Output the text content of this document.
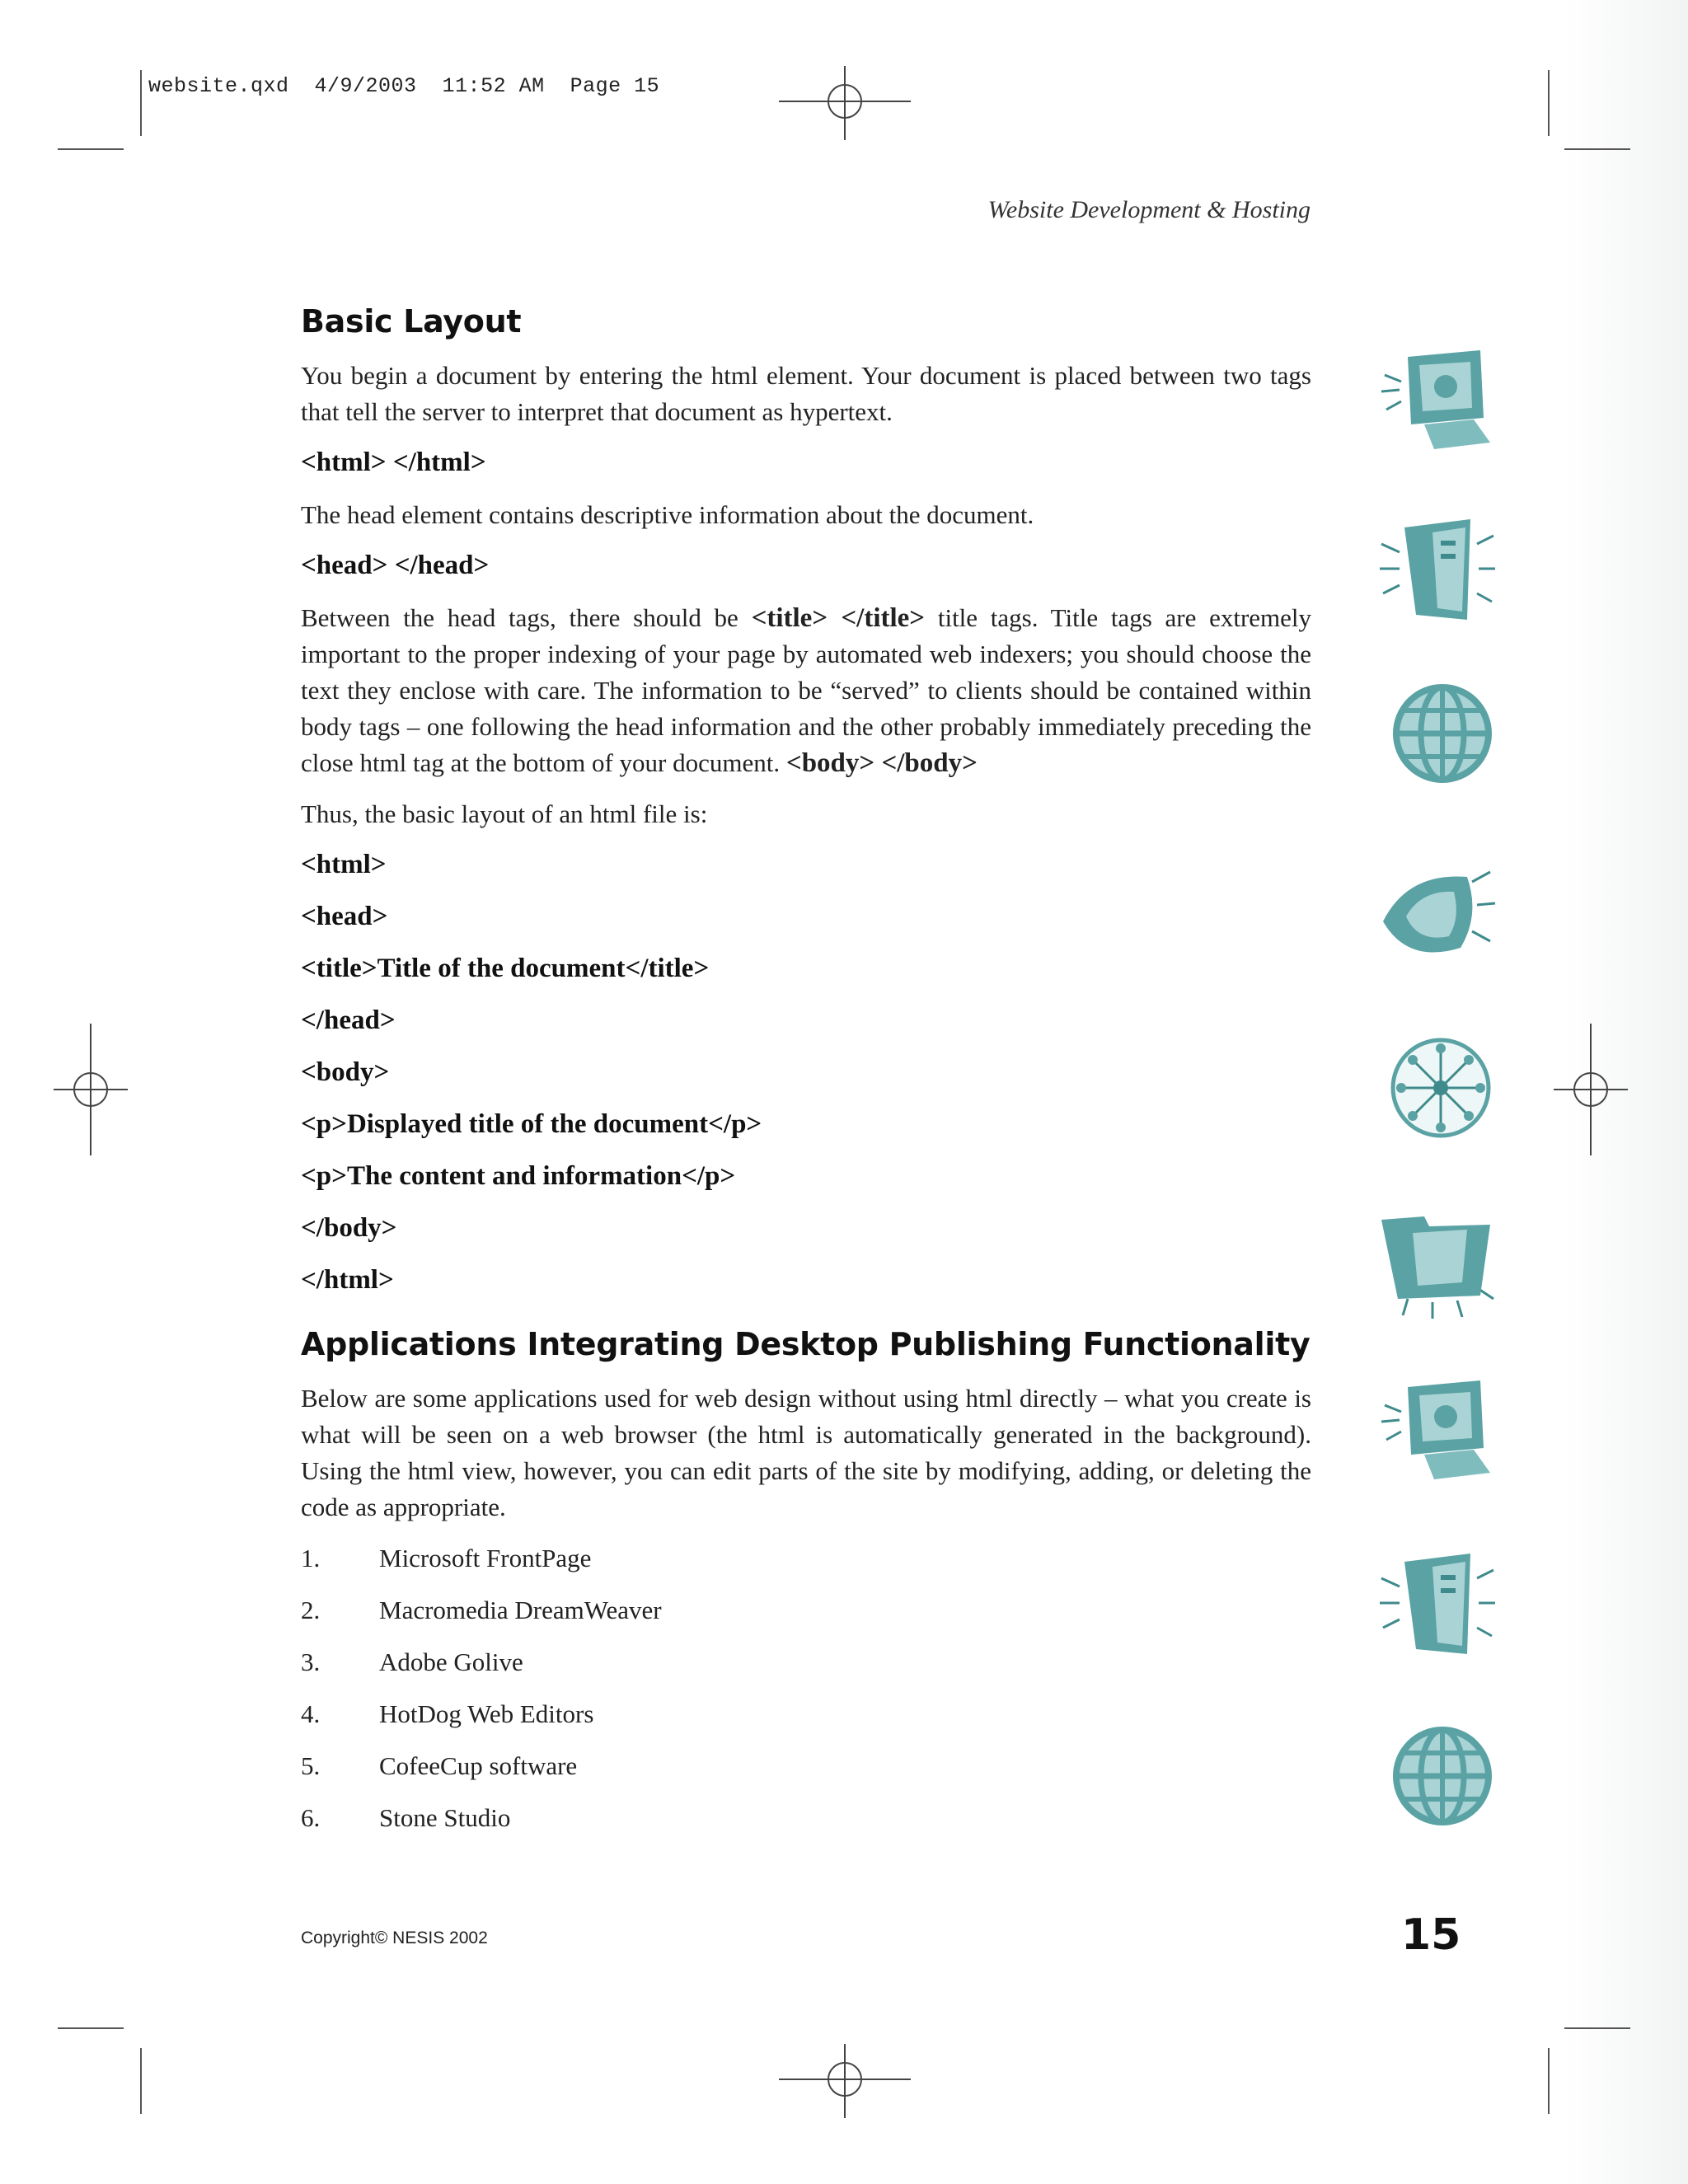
website.qxd  4/9/2003  11:52 AM  Page 15
Website Development & Hosting
Basic Layout

You begin a document by entering the html element. Your document is placed between two tags that tell the server to interpret that document as hypertext.

<html> </html>

The head element contains descriptive information about the document.

<head> </head>

Between the head tags, there should be <title> </title> title tags. Title tags are extremely important to the proper indexing of your page by automated web indexers; you should choose the text they enclose with care. The information to be “served” to clients should be contained within body tags – one following the head information and the other probably immediately preceding the close html tag at the bottom of your document. <body> </body>

Thus, the basic layout of an html file is:

<html>

<head>

<title>Title of the document</title>

</head>

<body>

<p>Displayed title of the document</p>

<p>The content and information</p>

</body>

</html>

Applications Integrating Desktop Publishing Functionality

Below are some applications used for web design without using html directly – what you create is what will be seen on a web browser (the html is automatically generated in the background). Using the html view, however, you can edit parts of the site by modifying, adding, or deleting the code as appropriate.

1.	Microsoft FrontPage
2.	Macromedia DreamWeaver
3.	Adobe Golive
4.	HotDog Web Editors
5.	CofeeCup software
6.	Stone Studio
Copyright© NESIS 2002	15
